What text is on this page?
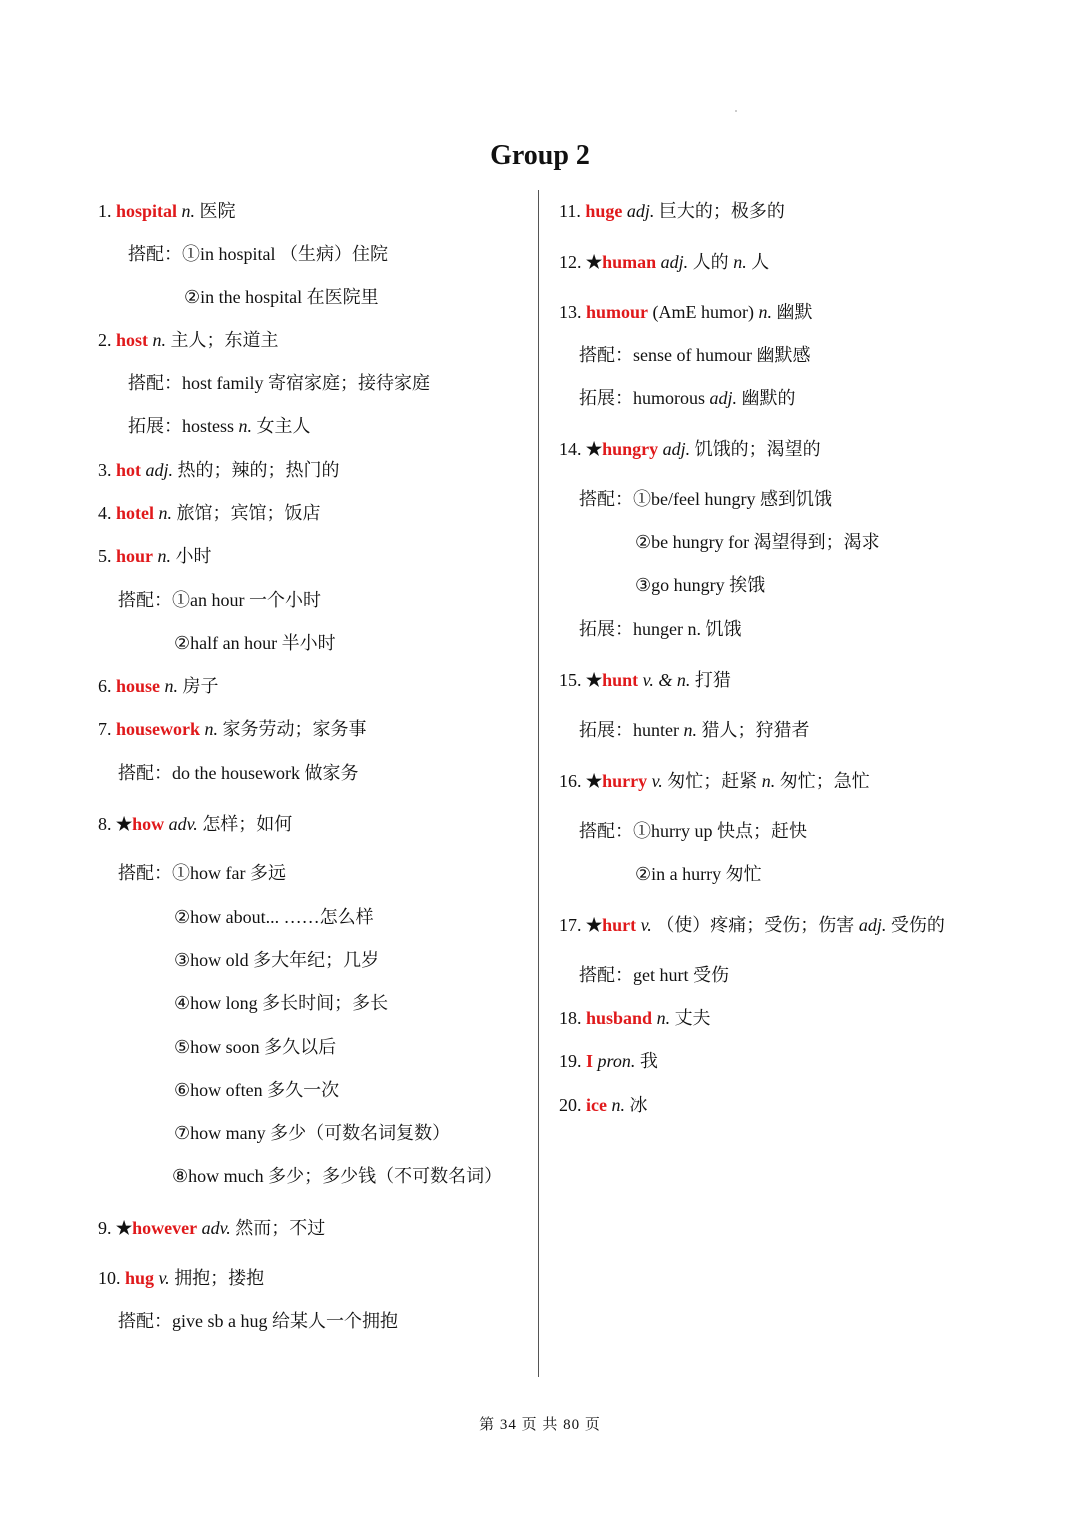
Group 2
1. hospital n. 医院
搭配：①in hospital （生病）住院
②in the hospital 在医院里
2. host n. 主人；东道主
搭配：host family 寄宿家庭；接待家庭
拓展：hostess n. 女主人
3. hot adj. 热的；辣的；热门的
4. hotel n. 旅馆；宾馆；饭店
5. hour n. 小时
搭配：①an hour 一个小时
②half an hour 半小时
6. house n. 房子
7. housework n. 家务劳动；家务事
搭配：do the housework 做家务
8. ★how adv. 怎样；如何
搭配：①how far 多远
②how about... ……怎么样
③how old 多大年纪；几岁
④how long 多长时间；多长
⑤how soon 多久以后
⑥how often 多久一次
⑦how many 多少（可数名词复数）
⑧how much 多少；多少钱（不可数名词）
9. ★however adv. 然而；不过
10. hug v. 拥抱；搂抱
搭配：give sb a hug 给某人一个拥抱
11. huge adj. 巨大的；极多的
12. ★human adj. 人的 n. 人
13. humour (AmE humor) n. 幽默
搭配：sense of humour 幽默感
拓展：humorous adj. 幽默的
14. ★hungry adj. 饥饿的；渴望的
搭配：①be/feel hungry 感到饥饿
②be hungry for 渴望得到；渴求
③go hungry 挨饿
拓展：hunger n. 饥饿
15. ★hunt v. & n. 打猎
拓展：hunter n. 猎人；狩猎者
16. ★hurry v. 匆忙；赶紧 n. 匆忙；急忙
搭配：①hurry up 快点；赶快
②in a hurry 匆忙
17. ★hurt v. （使）疼痛；受伤；伤害 adj. 受伤的
搭配：get hurt 受伤
18. husband n. 丈夫
19. I pron. 我
20. ice n. 冰
第 34 页 共 80 页
